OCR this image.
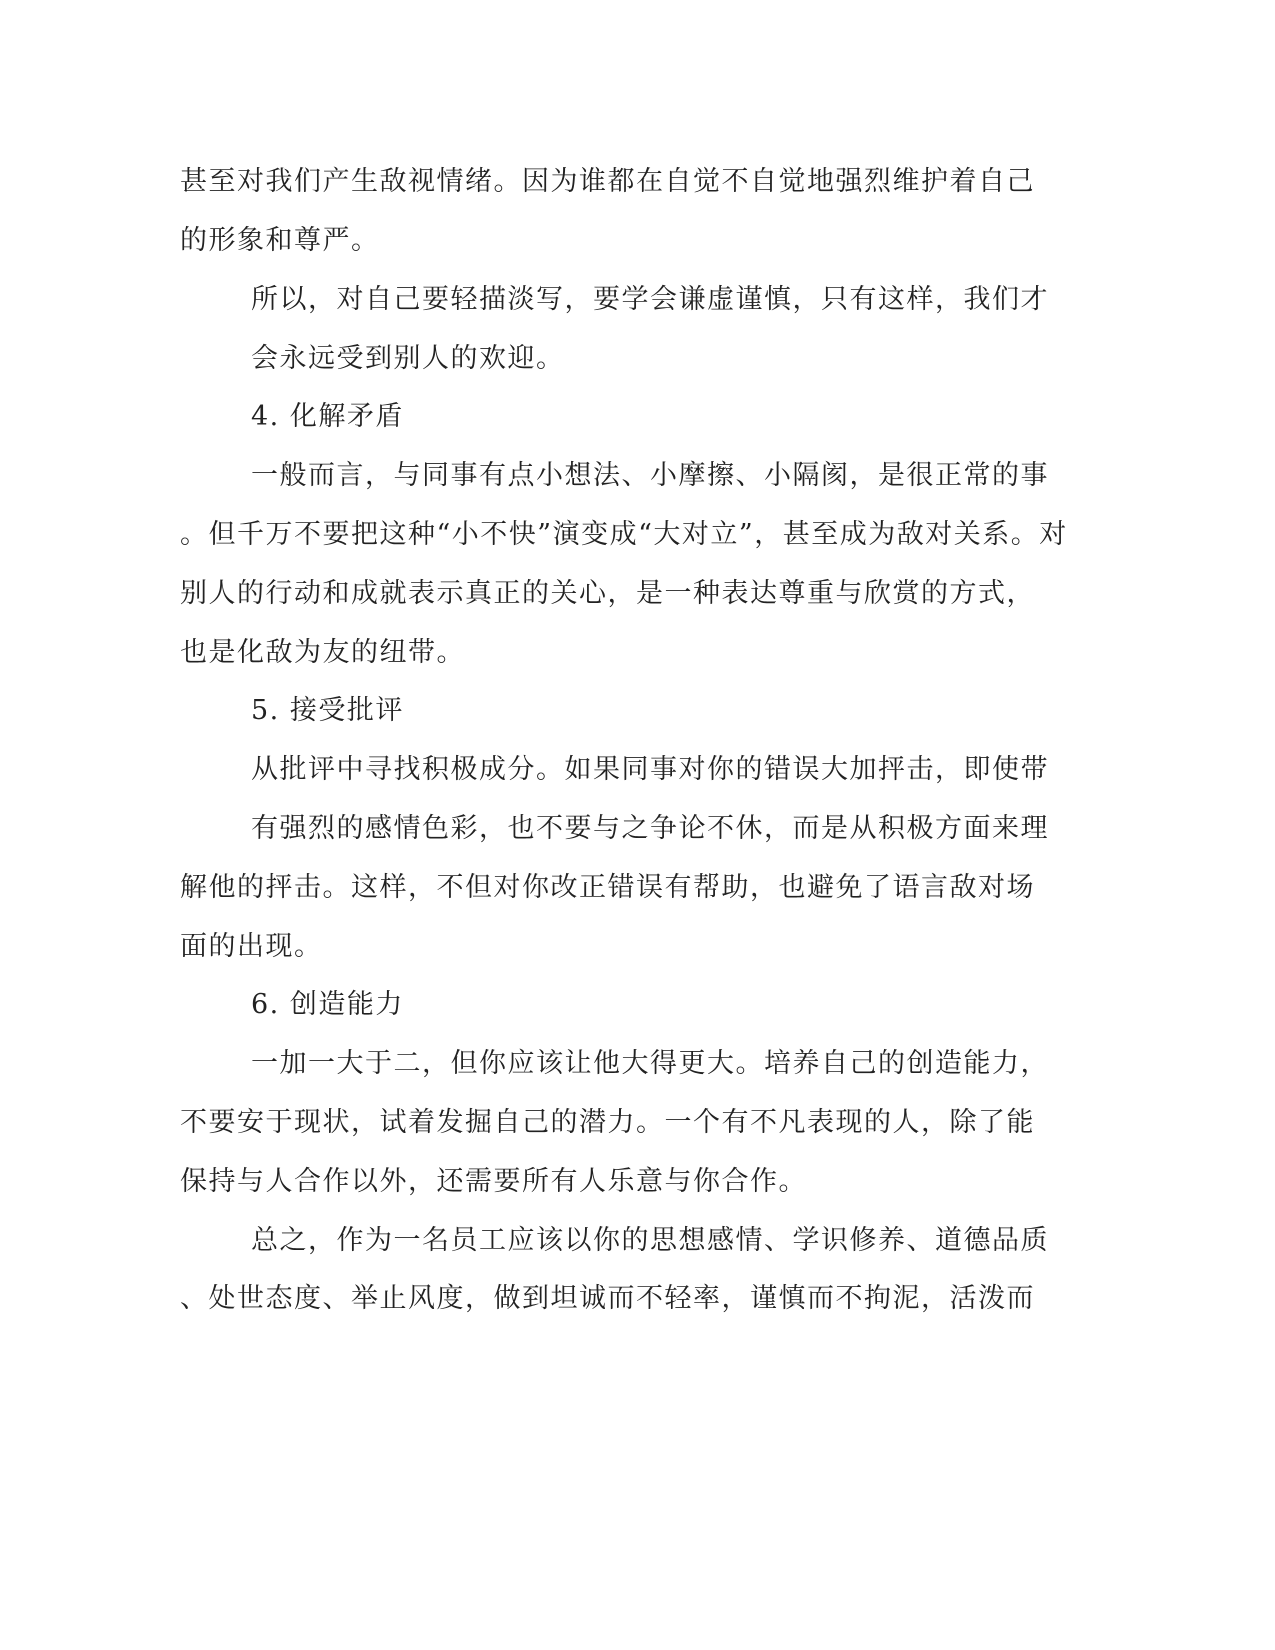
甚至对我们产生敌视情绪。因为谁都在自觉不自觉地强烈维护着自己
的形象和尊严。
所以，对自己要轻描淡写，要学会谦虚谨慎，只有这样，我们才
会永远受到别人的欢迎。
4. 化解矛盾
一般而言，与同事有点小想法、小摩擦、小隔阂，是很正常的事
。但千万不要把这种“小不快”演变成“大对立”，甚至成为敌对关系。对
别人的行动和成就表示真正的关心，是一种表达尊重与欣赏的方式，
也是化敌为友的纽带。
5. 接受批评
从批评中寻找积极成分。如果同事对你的错误大加抨击，即使带
有强烈的感情色彩，也不要与之争论不休，而是从积极方面来理
解他的抨击。这样，不但对你改正错误有帮助，也避免了语言敌对场
面的出现。
6. 创造能力
一加一大于二，但你应该让他大得更大。培养自己的创造能力，
不要安于现状，试着发掘自己的潜力。一个有不凡表现的人，除了能
保持与人合作以外，还需要所有人乐意与你合作。
总之，作为一名员工应该以你的思想感情、学识修养、道德品质
、处世态度、举止风度，做到坦诚而不轻率，谨慎而不拘泥，活泼而
